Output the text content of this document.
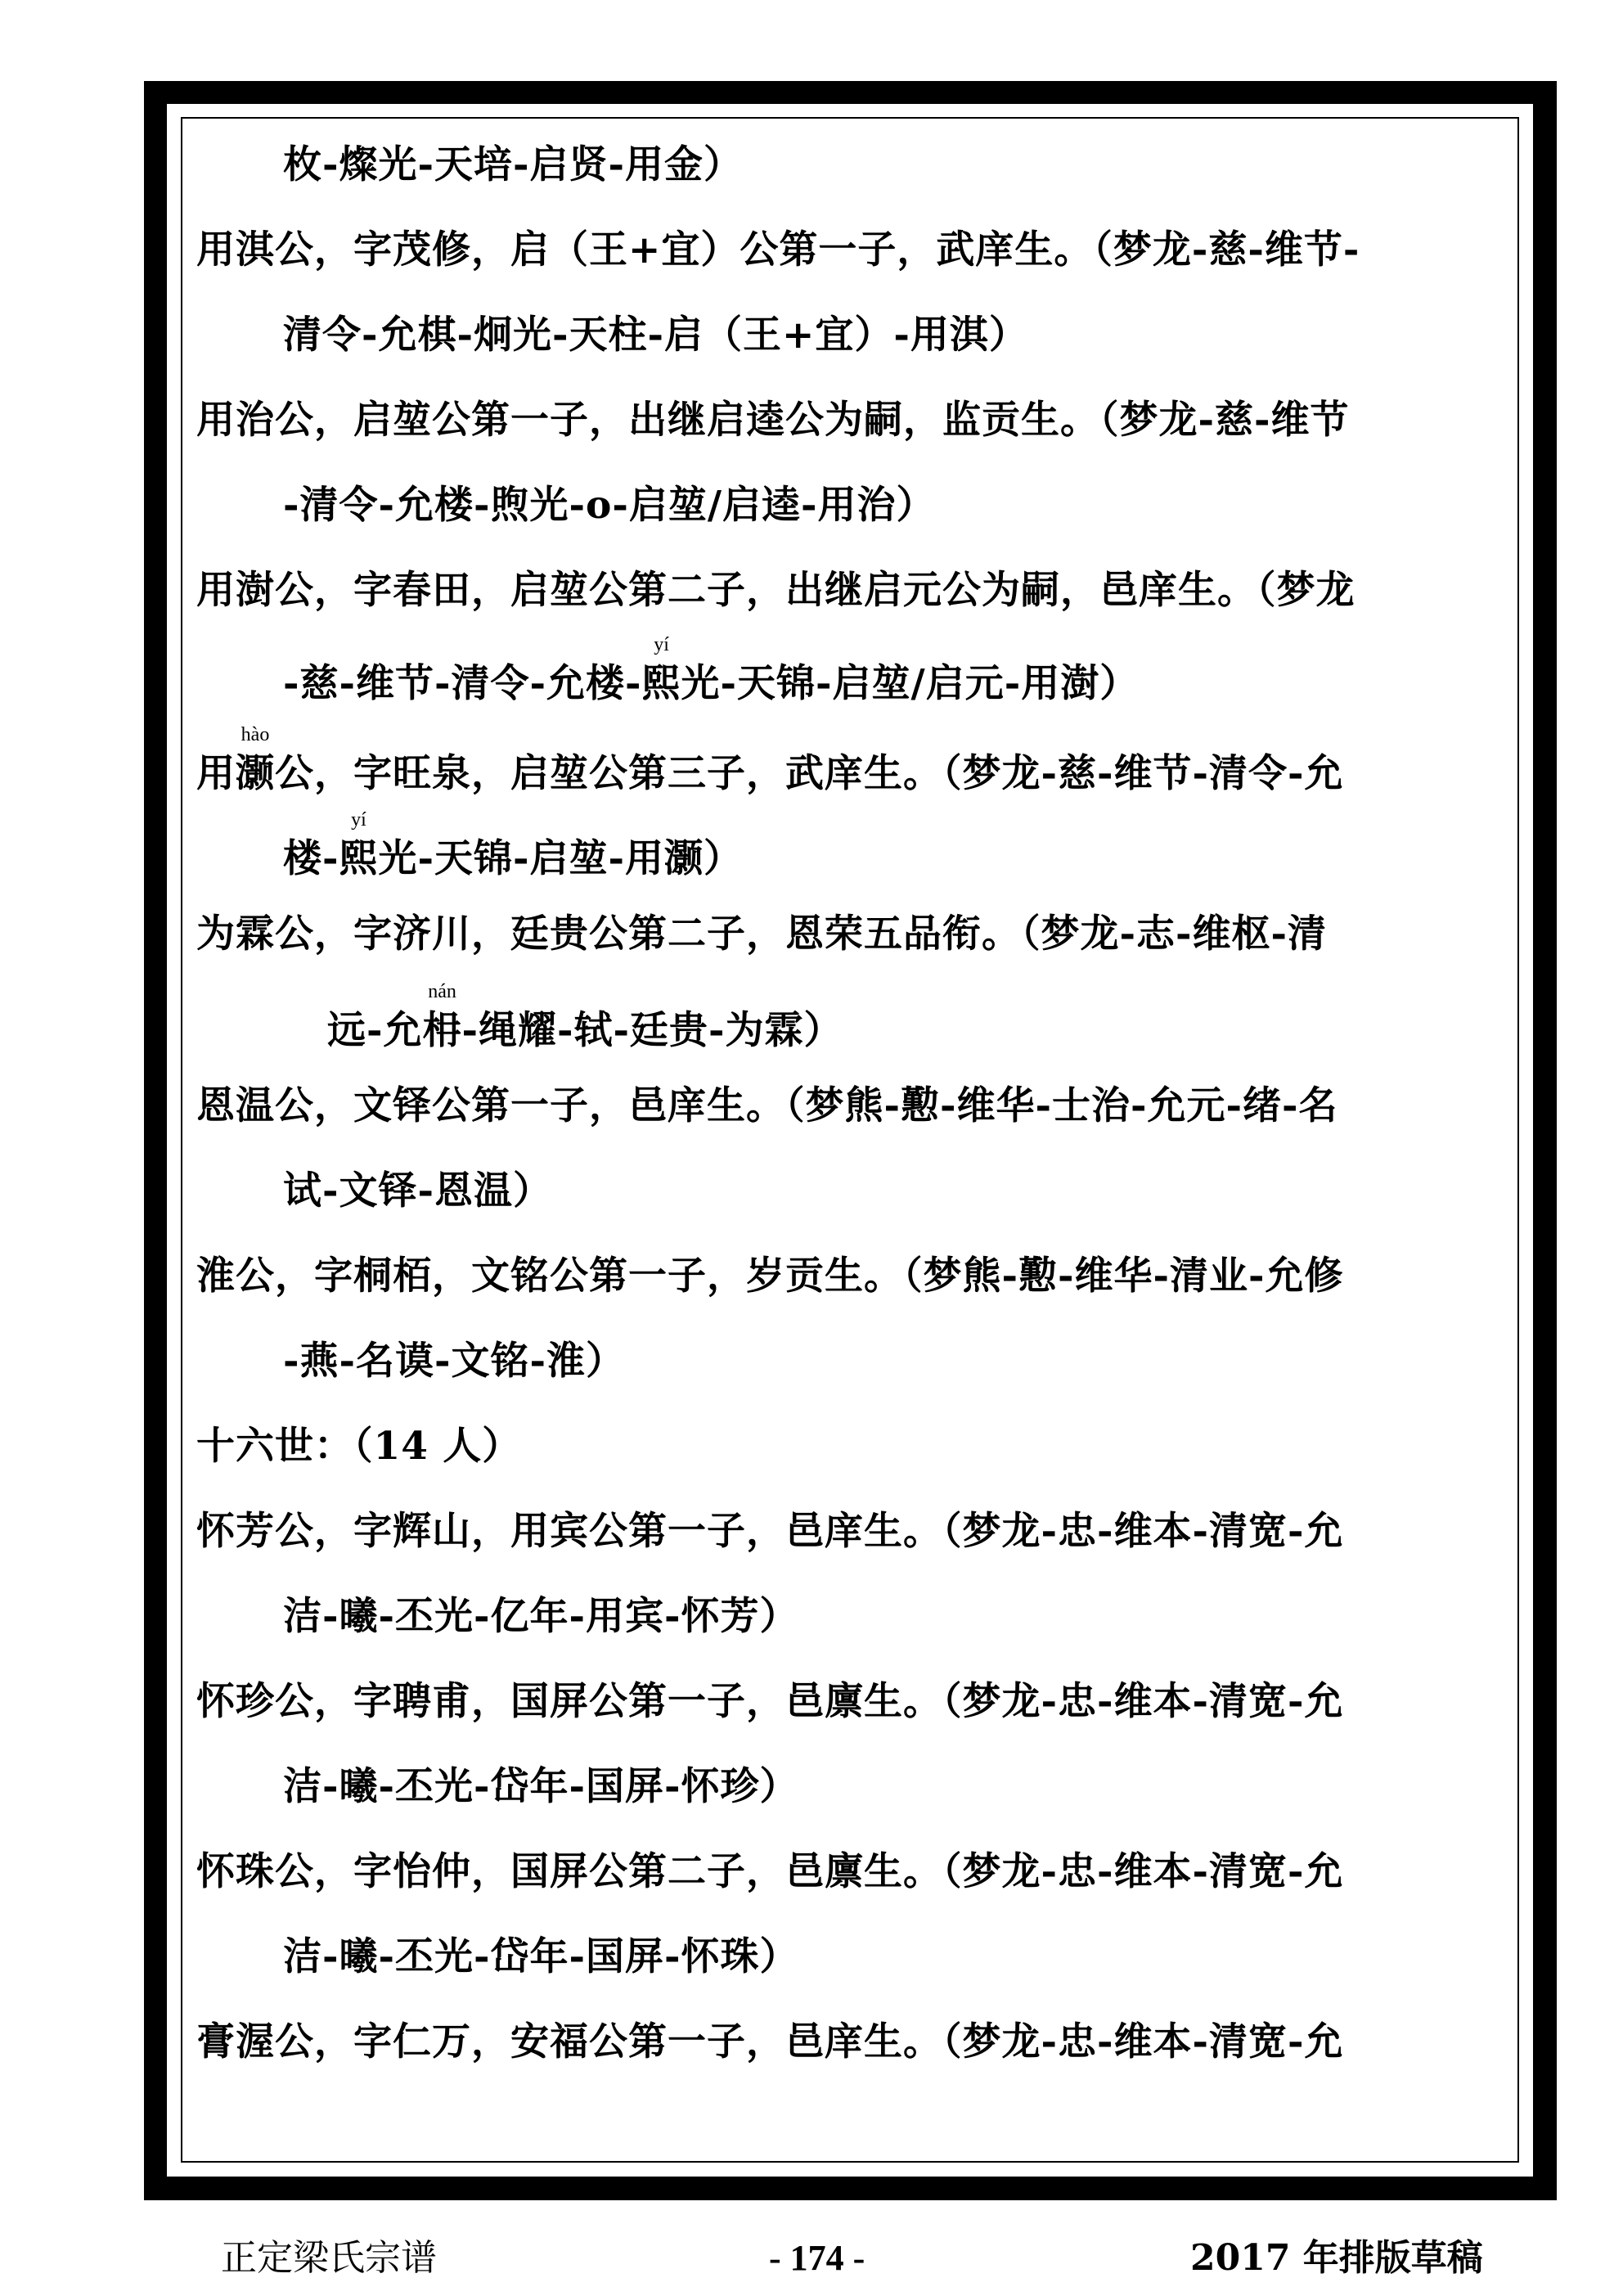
枚-燦光-天培-启贤-用金）
用淇公，字茂修，启（王+宜）公第一子，武庠生。（梦龙-慈-维节-
清令-允棋-炯光-天柱-启（王+宜）-用淇）
用治公，启堃公第一子，出继启逵公为嗣，监贡生。（梦龙-慈-维节
-清令-允楼-煦光-o-启堃/启逵-用治）
用澍公，字春田，启堃公第二子，出继启元公为嗣，邑庠生。（梦龙
-慈-维节-清令-允楼-
yí
熙光-天锦-启堃/启元-用澍）
用
hào
灏公，字旺泉，启堃公第三子，武庠生。（梦龙-慈-维节-清令-允
楼-
yí
熙光-天锦-启堃-用灏）
为霖公，字济川，廷贵公第二子，恩荣五品衔。（梦龙-志-维枢-清
远-允
nán
枏-绳耀-轼-廷贵-为霖）
恩温公，文铎公第一子，邑庠生。（梦熊-懃-维华-士治-允元-绪-名
试-文铎-恩温）
淮公，字桐栢，文铭公第一子，岁贡生。（梦熊-懃-维华-清业-允修
-燕-名谟-文铭-淮）
十六世：（14 人）
怀芳公，字辉山，用宾公第一子，邑庠生。（梦龙-忠-维本-清宽-允
洁-曦-丕光-亿年-用宾-怀芳）
怀珍公，字聘甫，国屏公第一子，邑廪生。（梦龙-忠-维本-清宽-允
洁-曦-丕光-岱年-国屏-怀珍）
怀珠公，字怡仲，国屏公第二子，邑廪生。（梦龙-忠-维本-清宽-允
洁-曦-丕光-岱年-国屏-怀珠）
膏渥公，字仁万，安福公第一子，邑庠生。（梦龙-忠-维本-清宽-允
正定梁氏宗谱	- 174 -	2017 年排版草稿
